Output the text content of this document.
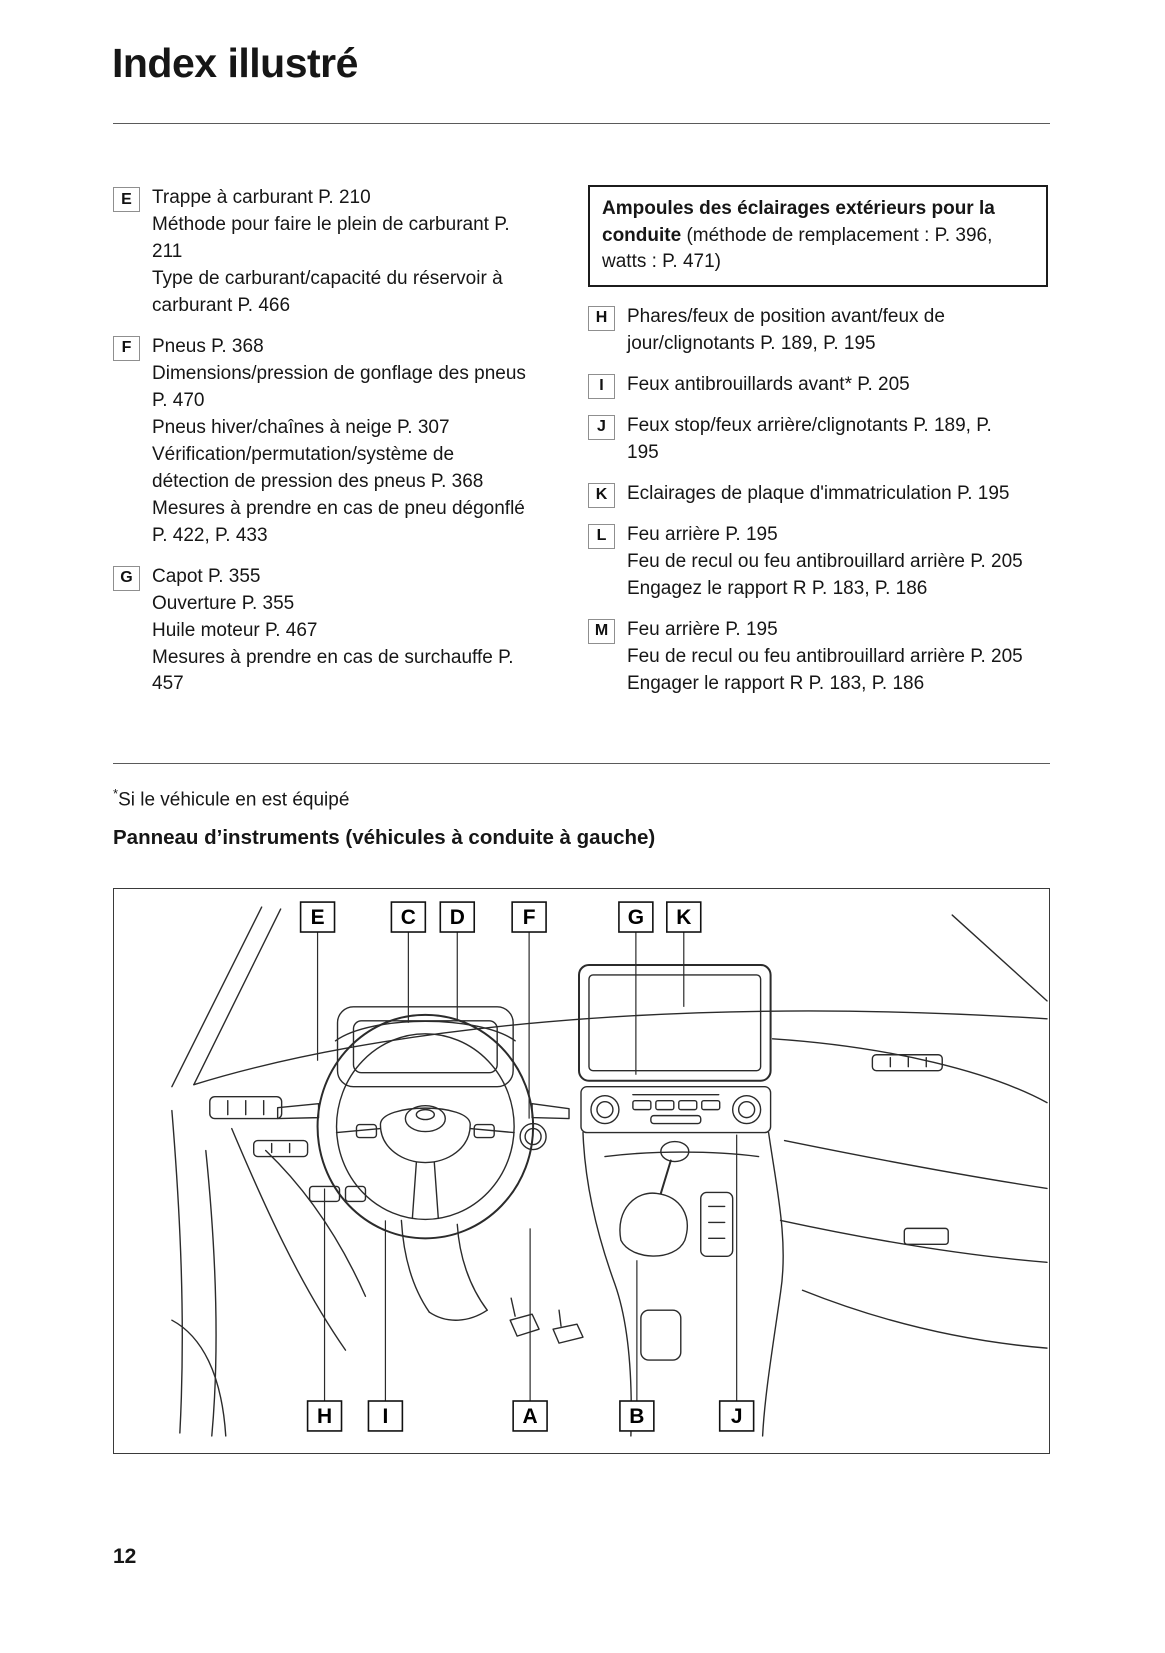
Index illustré
E	Trappe à carburant P. 210
Méthode pour faire le plein de carburant P. 211
Type de carburant/capacité du réservoir à carburant P. 466
F	Pneus P. 368
Dimensions/pression de gonflage des pneus P. 470
Pneus hiver/chaînes à neige P. 307
Vérification/permutation/système de détection de pression des pneus P. 368
Mesures à prendre en cas de pneu dégonflé P. 422, P. 433
G	Capot P. 355
Ouverture P. 355
Huile moteur P. 467
Mesures à prendre en cas de surchauffe P. 457
Ampoules des éclairages extérieurs pour la conduite (méthode de remplacement : P. 396, watts : P. 471)
H	Phares/feux de position avant/feux de jour/clignotants P. 189, P. 195
I	Feux antibrouillards avant* P. 205
J	Feux stop/feux arrière/clignotants P. 189, P. 195
K	Eclairages de plaque d'immatriculation P. 195
L	Feu arrière P. 195
Feu de recul ou feu antibrouillard arrière P. 205
Engagez le rapport R P. 183, P. 186
M Feu arrière P. 195
Feu de recul ou feu antibrouillard arrière P. 205
Engager le rapport R P. 183, P. 186
*Si le véhicule en est équipé
Panneau d’instruments (véhicules à conduite à gauche)
E	C D	F	G K
H I	A	B	J
12
